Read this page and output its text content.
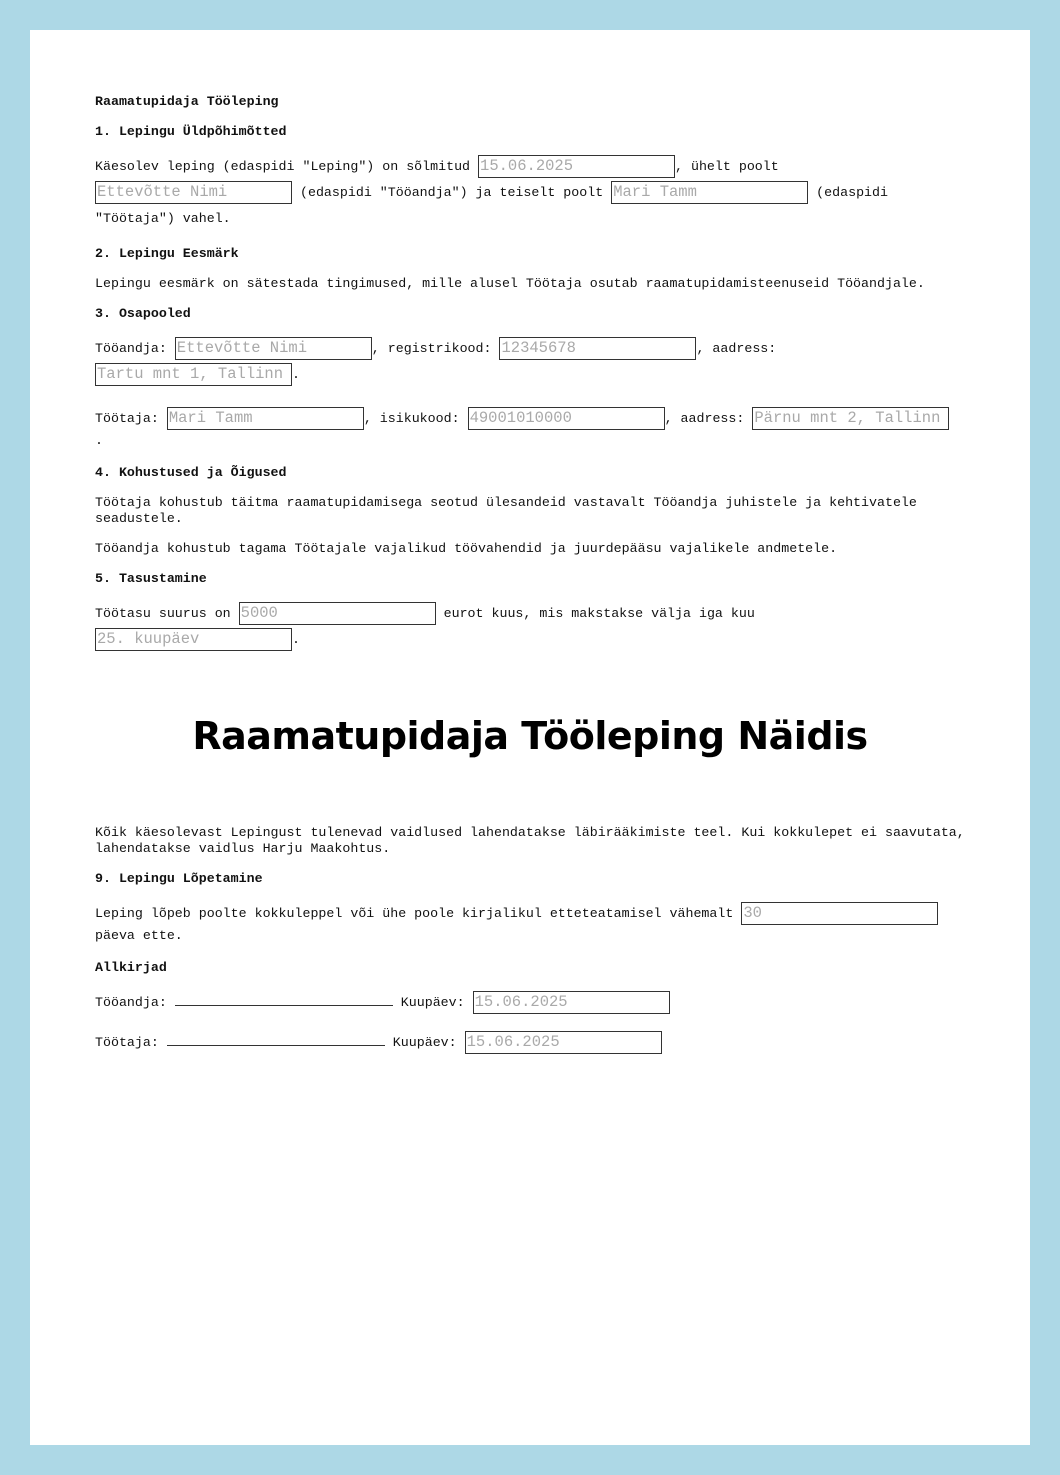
Raamatupidaja Tööleping
1. Lepingu Üldpõhimõtted
Käesolev leping (edaspidi "Leping") on sõlmitud 15.06.2025	, ühelt poolt
Ettevõtte Nimi	(edaspidi "Tööandja") ja teiselt poolt Mari Tamm	(edaspidi "Töötaja") vahel.
2. Lepingu Eesmärk
Lepingu eesmärk on sätestada tingimused, mille alusel Töötaja osutab raamatupidamisteenuseid Tööandjale.
3. Osapooled
Tööandja: Ettevõtte Nimi	, registrikood: 12345678	, aadress:
Tartu mnt 1, Tallinn .
Töötaja: Mari Tamm	, isikukood: 49001010000	, aadress: Pärnu mnt 2, Tallinn
.
4. Kohustused ja Õigused
Töötaja kohustub täitma raamatupidamisega seotud ülesandeid vastavalt Tööandja juhistele ja kehtivatele seadustele.
Tööandja kohustub tagama Töötajale vajalikud töövahendid ja juurdepääsu vajalikele andmetele.
5. Tasustamine
Töötasu suurus on 5000	eurot kuus, mis makstakse välja iga kuu
25. kuupäev	.
Kõik käesolevast Lepingust tulenevad vaidlused lahendatakse läbirääkimiste teel. Kui kokkulepet ei saavutata, lahendatakse vaidlus Harju Maakohtus.
9. Lepingu Lõpetamine
Leping lõpeb poolte kokkuleppel või ühe poole kirjalikul etteteatamisel vähemalt 30
päeva ette.
Allkirjad
Tööandja:	Kuupäev: 15.06.2025
Töötaja:	Kuupäev: 15.06.2025
Raamatupidaja Tööleping Näidis
